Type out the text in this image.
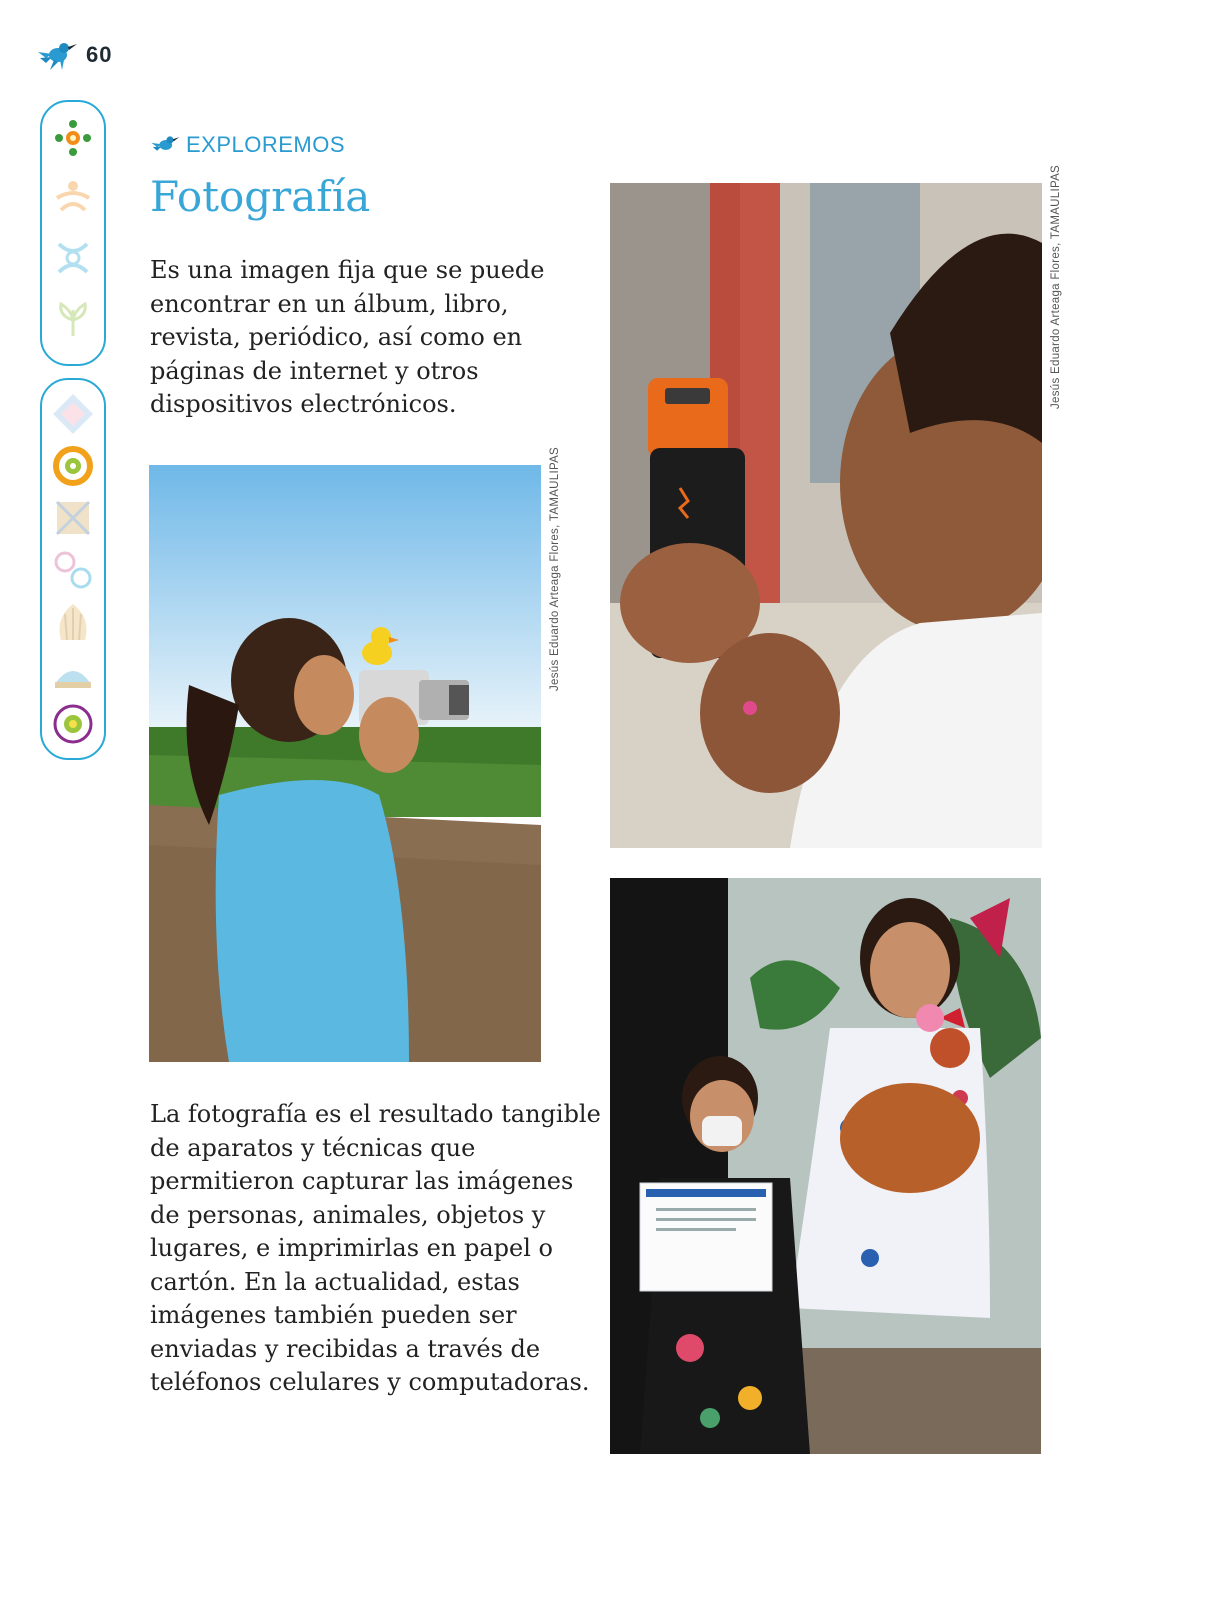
60
EXPLOREMOS
Fotografía

Es una imagen fija que se puede encontrar en un álbum, libro, revista, periódico, así como en páginas de internet y otros dispositivos electrónicos.

Jesús Eduardo Arteaga Flores, TAMAULIPAS
Jesús Eduardo Arteaga Flores, TAMAULIPAS

La fotografía es el resultado tangible de aparatos y técnicas que permitieron capturar las imágenes de personas, animales, objetos y lugares, e imprimirlas en papel o cartón. En la actualidad, estas imágenes también pueden ser enviadas y recibidas a través de teléfonos celulares y computadoras.
